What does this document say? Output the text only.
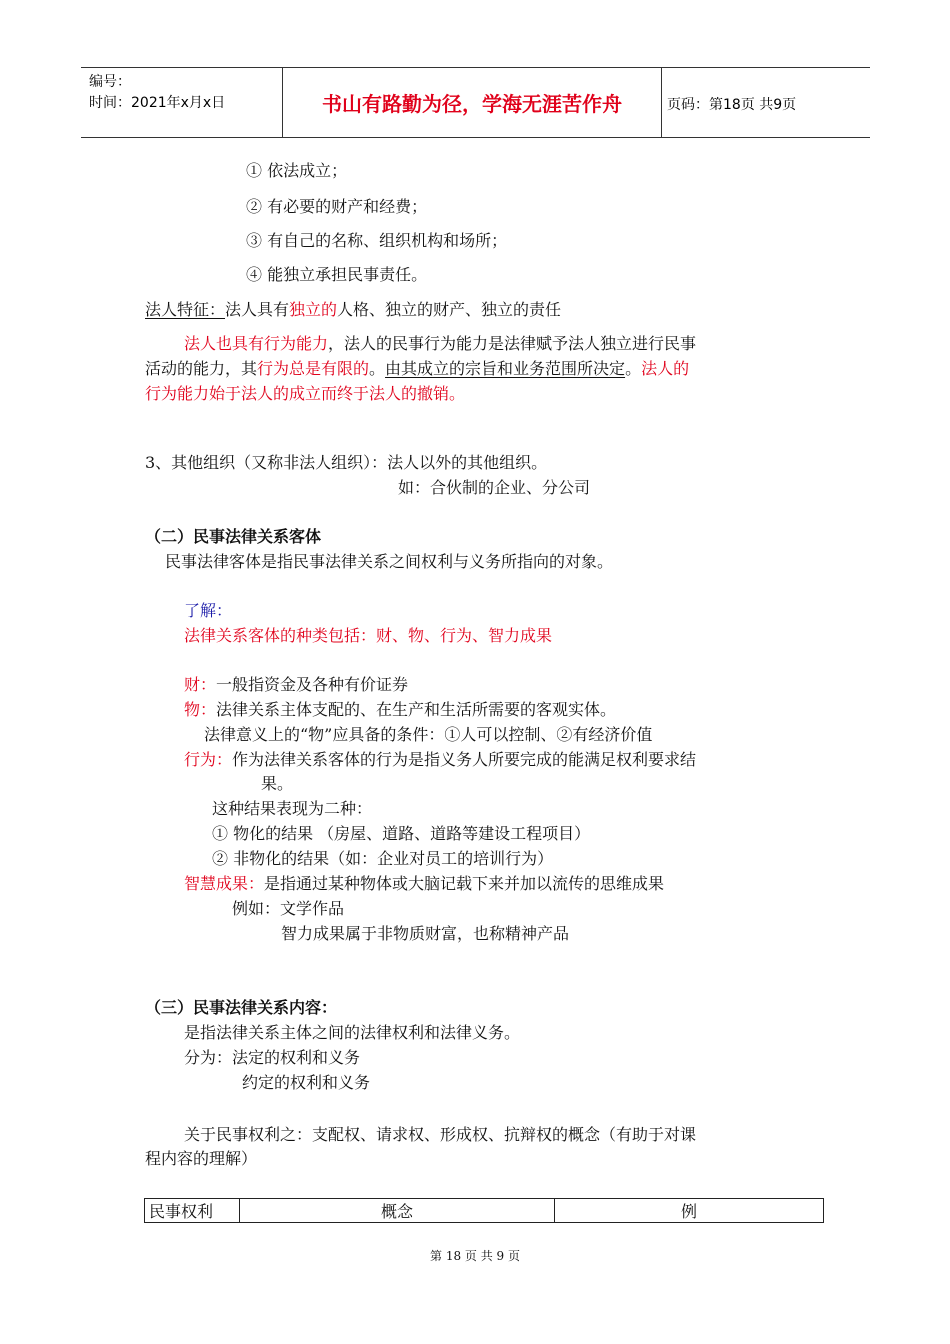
编号：
时间：2021年x月x日	书山有路勤为径，学海无涯苦作舟	页码：第18页 共9页
① 依法成立；
② 有必要的财产和经费；
③ 有自己的名称、组织机构和场所；
④ 能独立承担民事责任。
法人特征：法人具有独立的人格、独立的财产、独立的责任
法人也具有行为能力，法人的民事行为能力是法律赋予法人独立进行民事
活动的能力，其行为总是有限的。由其成立的宗旨和业务范围所决定。法人的
行为能力始于法人的成立而终于法人的撤销。
3、其他组织（又称非法人组织）：法人以外的其他组织。
如：合伙制的企业、分公司
（二）民事法律关系客体
民事法律客体是指民事法律关系之间权利与义务所指向的对象。
了解：
法律关系客体的种类包括：财、物、行为、智力成果
财：一般指资金及各种有价证券
物：法律关系主体支配的、在生产和生活所需要的客观实体。
法律意义上的“物”应具备的条件：①人可以控制、②有经济价值
行为：作为法律关系客体的行为是指义务人所要完成的能满足权利要求结
果。
这种结果表现为二种：
① 物化的结果 （房屋、道路、道路等建设工程项目）
② 非物化的结果（如：企业对员工的培训行为）
智慧成果：是指通过某种物体或大脑记载下来并加以流传的思维成果
例如：文学作品
智力成果属于非物质财富，也称精神产品
（三）民事法律关系内容：
是指法律关系主体之间的法律权利和法律义务。
分为：法定的权利和义务
约定的权利和义务
关于民事权利之：支配权、请求权、形成权、抗辩权的概念（有助于对课
程内容的理解）
民事权利	概念	例
第 18 页 共 9 页
